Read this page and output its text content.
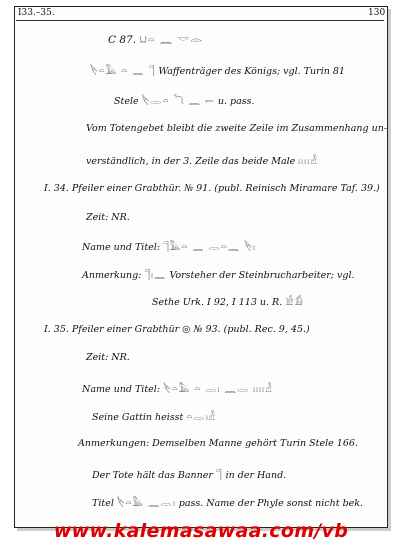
I33.–35.	130
C 87. 𓂓𓏏 𓈖 𓎟𓁹
𓌸𓏏𓅓 𓏏 𓈖 𓊹 Waffenträger des Königs; vgl. Turin 81
Stele 𓌸𓂋𓏏 𓆓 𓈖 𓍿 u. pass.
Vom Totengebet bleibt die zweite Zeile im Zusammenhang un-
verständlich, in der 3. Zeile das beide Male 𓏤𓏥𓁐
I. 34. Pfeiler einer Grabthür. № 91. (publ. Reinisch Miramare Taf. 39.)
Zeit: NR.
Name und Titel: 𓊹𓅓𓏏 𓈖 𓂋𓏏𓈖 𓌸𓏤
Anmerkung: 𓊹𓏤𓈖 Vorsteher der Steinbrucharbeiter; vgl.
Sethe Urk. I 92, I 113 u. R. 𓀀𓀁
I. 35. Pfeiler einer Grabthür ◎ № 93. (publ. Rec. 9, 45.)
Zeit: NR.
Name und Titel: 𓌸𓏏𓅓 𓏏 𓂋𓏤 𓈖𓂋 𓏤𓏥𓁐
Seine Gattin heisst 𓏏𓂋𓏤𓁐
Anmerkungen: Demselben Manne gehört Turin Stele 166.
Der Tote hält das Banner 𓊹 in der Hand.
Titel 𓌸𓏏𓅓 𓈖𓂋𓏤 pass. Name der Phyle sonst nicht bek.
www.kalemasawaa.com/vb
